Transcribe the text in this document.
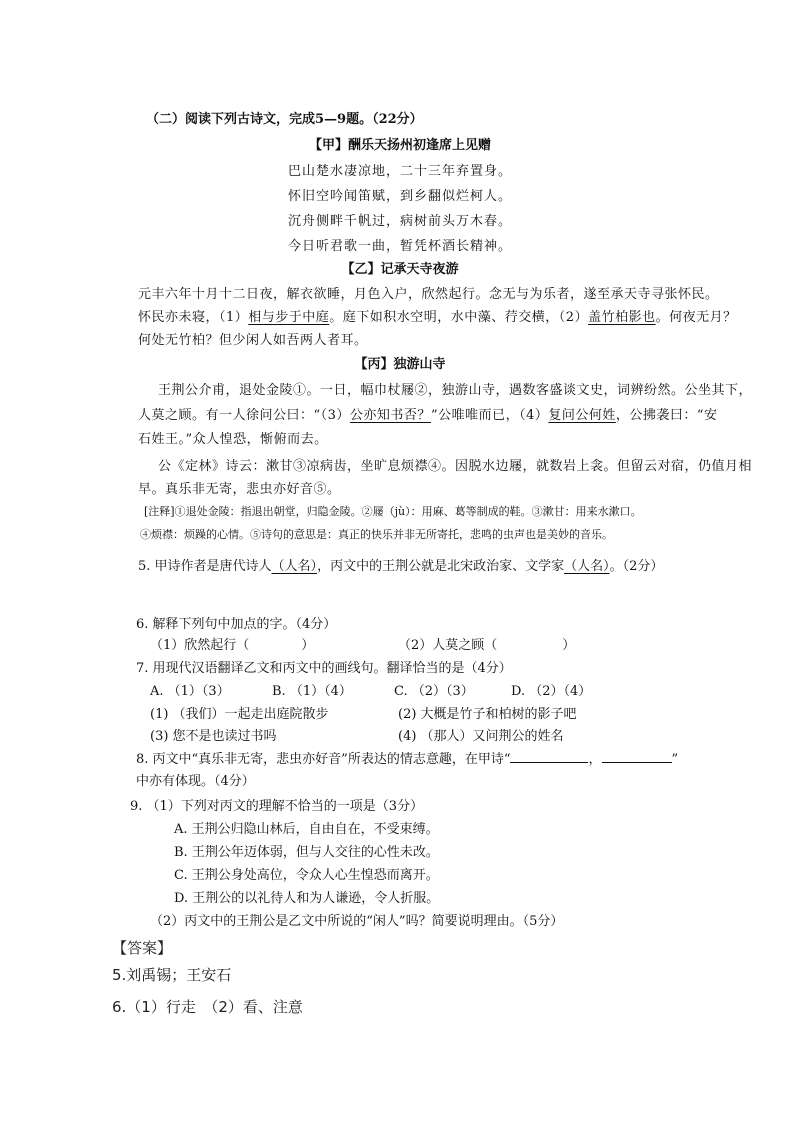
（二）阅读下列古诗文，完成5—9题。（22分）
【甲】酬乐天扬州初逢席上见赠
巴山楚水凄凉地，二十三年弃置身。
怀旧空吟闻笛赋，到乡翻似烂柯人。
沉舟侧畔千帆过，病树前头万木春。
今日听君歌一曲，暂凭杯酒长精神。
【乙】记承天寺夜游
元丰六年十月十二日夜，解衣欲睡，月色入户，欣然起行。念无与为乐者，遂至承天寺寻张怀民。
怀民亦未寝，（1）相与步于中庭。庭下如积水空明，水中藻、荇交横，（2）盖竹柏影也。何夜无月？
何处无竹柏？但少闲人如吾两人者耳。
【丙】独游山寺
王荆公介甫，退处金陵①。一日，幅巾杖屦②，独游山寺，遇数客盛谈文史，词辨纷然。公坐其下，
人莫之顾。有一人徐问公曰：“（3）公亦知书否？”公唯唯而已，（4）复问公何姓，公拂袭曰：“安
石姓王。”众人惶恐，惭俯而去。
公《定林》诗云：漱甘③凉病齿，坐旷息烦襟④。因脱水边屦，就数岩上衾。但留云对宿，仍值月相
早。真乐非无寄，悲虫亦好音⑤。
[注释]①退处金陵：指退出朝堂，归隐金陵。②屦（jù）：用麻、葛等制成的鞋。③漱甘：用来水漱口。
④烦襟：烦躁的心情。⑤诗句的意思是：真正的快乐并非无所寄托，悲鸣的虫声也是美妙的音乐。
5. 甲诗作者是唐代诗人（人名），丙文中的王荆公就是北宋政治家、文学家（人名）。（2分）
6. 解释下列句中加点的字。（4分）
（1）欣然起行（　　　　）	（2）人莫之顾（　　　　　）
7. 用现代汉语翻译乙文和丙文中的画线句。翻译恰当的是（4分）
A. （1）（3）	B. （1）（4）	C. （2）（3）	D. （2）（4）
(1) （我们）一起走出庭院散步	(2) 大概是竹子和柏树的影子吧
(3) 您不是也读过书吗	(4) （那人）又问荆公的姓名
8. 丙文中“真乐非无寄，悲虫亦好音”所表达的情志意趣，在甲诗“	，	”
中亦有体现。（4分）
9. （1）下列对丙文的理解不恰当的一项是（3分）
A. 王荆公归隐山林后，自由自在，不受束缚。
B. 王荆公年迈体弱，但与人交往的心性未改。
C. 王荆公身处高位，令众人心生惶恐而离开。
D. 王荆公的以礼待人和为人谦逊，令人折服。
（2）丙文中的王荆公是乙文中所说的“闲人”吗？简要说明理由。（5分）
【答案】
5.刘禹锡；王安石
6.（1）行走　（2）看、注意
